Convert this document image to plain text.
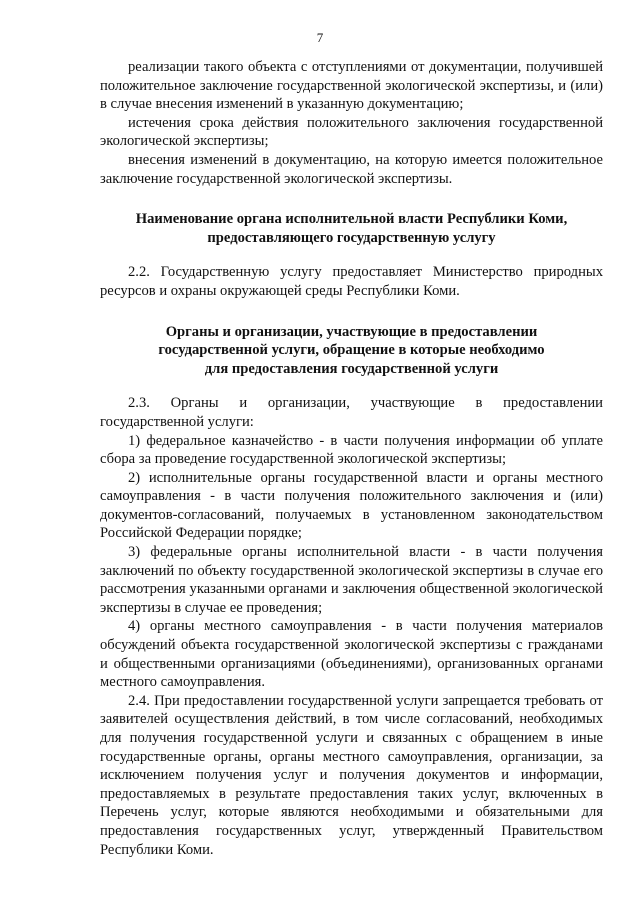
7

реализации такого объекта с отступлениями от документации, получившей положительное заключение государственной экологической экспертизы, и (или) в случае внесения изменений в указанную документацию;

истечения срока действия положительного заключения государственной экологической экспертизы;

внесения изменений в документацию, на которую имеется положительное заключение государственной экологической экспертизы.

Наименование органа исполнительной власти Республики Коми,

предоставляющего государственную услугу

2.2. Государственную услугу предоставляет Министерство природных ресурсов и охраны окружающей среды Республики Коми.

Органы и организации, участвующие в предоставлении

государственной услуги, обращение в которые необходимо

для предоставления государственной услуги

2.3. Органы и организации, участвующие в предоставлении государственной услуги:

1) федеральное казначейство - в части получения информации об уплате сбора за проведение государственной экологической экспертизы;

2) исполнительные органы государственной власти и органы местного самоуправления - в части получения положительного заключения и (или) документов-согласований, получаемых в установленном законодательством Российской Федерации порядке;

3) федеральные органы исполнительной власти - в части получения заключений по объекту государственной экологической экспертизы в случае его рассмотрения указанными органами и заключения общественной экологической экспертизы в случае ее проведения;

4) органы местного самоуправления - в части получения материалов обсуждений объекта государственной экологической экспертизы с гражданами и общественными организациями (объединениями), организованных органами местного самоуправления.

2.4. При предоставлении государственной услуги запрещается требовать от заявителей осуществления действий, в том числе согласований, необходимых для получения государственной услуги и связанных с обращением в иные государственные органы, органы местного самоуправления, организации, за исключением получения услуг и получения документов и информации, предоставляемых в результате предоставления таких услуг, включенных в Перечень услуг, которые являются необходимыми и обязательными для предоставления государственных услуг, утвержденный Правительством Республики Коми.
